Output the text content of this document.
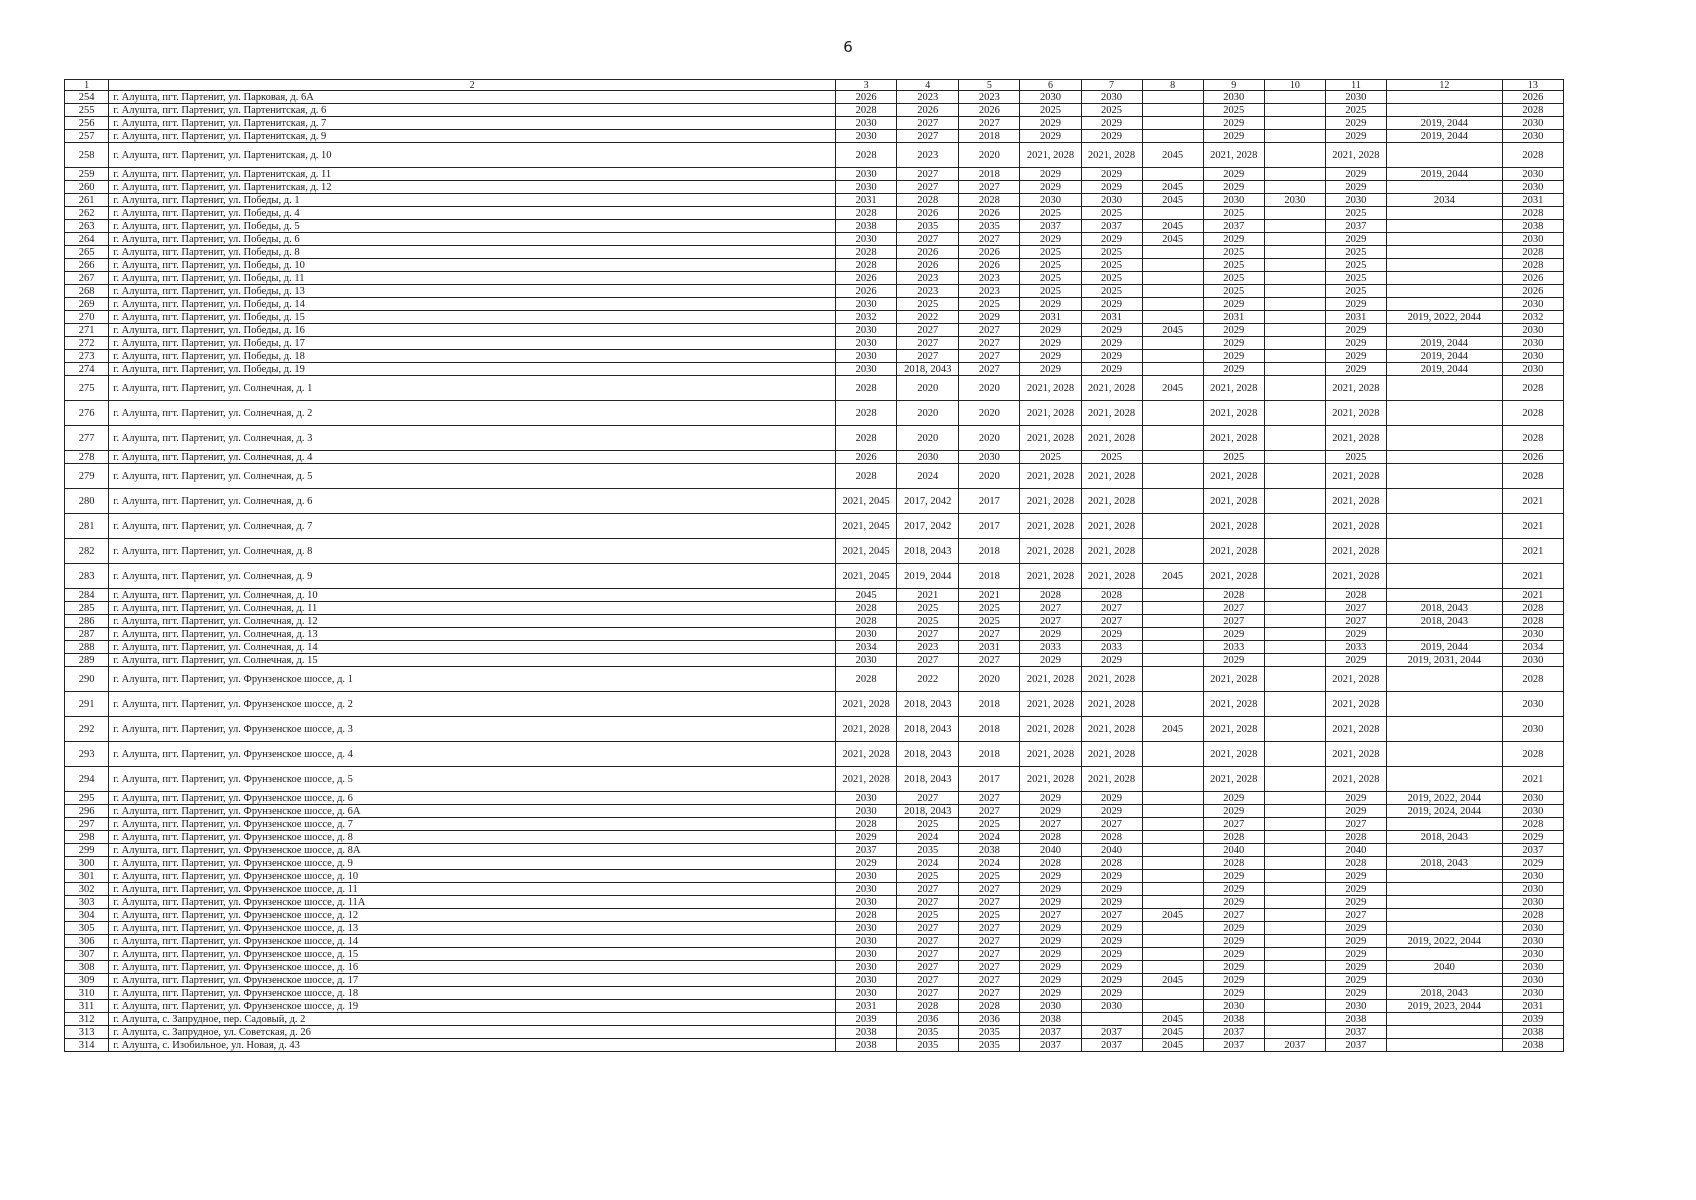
6
1	2	3	4	5	6	7	8	9	10	11	12	13
254	г. Алушта, пгт. Партенит, ул. Парковая, д. 6А	2026	2023	2023	2030	2030		2030		2030		2026
255	г. Алушта, пгт. Партенит, ул. Партенитская, д. 6	2028	2026	2026	2025	2025		2025		2025		2028
256	г. Алушта, пгт. Партенит, ул. Партенитская, д. 7	2030	2027	2027	2029	2029		2029		2029	2019, 2044	2030
257	г. Алушта, пгт. Партенит, ул. Партенитская, д. 9	2030	2027	2018	2029	2029		2029		2029	2019, 2044	2030
258	г. Алушта, пгт. Партенит, ул. Партенитская, д. 10	2028	2023	2020	2021, 2028	2021, 2028	2045	2021, 2028		2021, 2028		2028
259	г. Алушта, пгт. Партенит, ул. Партенитская, д. 11	2030	2027	2018	2029	2029		2029		2029	2019, 2044	2030
260	г. Алушта, пгт. Партенит, ул. Партенитская, д. 12	2030	2027	2027	2029	2029	2045	2029		2029		2030
261	г. Алушта, пгт. Партенит, ул. Победы, д. 1	2031	2028	2028	2030	2030	2045	2030	2030	2030	2034	2031
262	г. Алушта, пгт. Партенит, ул. Победы, д. 4	2028	2026	2026	2025	2025		2025		2025		2028
263	г. Алушта, пгт. Партенит, ул. Победы, д. 5	2038	2035	2035	2037	2037	2045	2037		2037		2038
264	г. Алушта, пгт. Партенит, ул. Победы, д. 6	2030	2027	2027	2029	2029	2045	2029		2029		2030
265	г. Алушта, пгт. Партенит, ул. Победы, д. 8	2028	2026	2026	2025	2025		2025		2025		2028
266	г. Алушта, пгт. Партенит, ул. Победы, д. 10	2028	2026	2026	2025	2025		2025		2025		2028
267	г. Алушта, пгт. Партенит, ул. Победы, д. 11	2026	2023	2023	2025	2025		2025		2025		2026
268	г. Алушта, пгт. Партенит, ул. Победы, д. 13	2026	2023	2023	2025	2025		2025		2025		2026
269	г. Алушта, пгт. Партенит, ул. Победы, д. 14	2030	2025	2025	2029	2029		2029		2029		2030
270	г. Алушта, пгт. Партенит, ул. Победы, д. 15	2032	2022	2029	2031	2031		2031		2031	2019, 2022, 2044	2032
271	г. Алушта, пгт. Партенит, ул. Победы, д. 16	2030	2027	2027	2029	2029	2045	2029		2029		2030
272	г. Алушта, пгт. Партенит, ул. Победы, д. 17	2030	2027	2027	2029	2029		2029		2029	2019, 2044	2030
273	г. Алушта, пгт. Партенит, ул. Победы, д. 18	2030	2027	2027	2029	2029		2029		2029	2019, 2044	2030
274	г. Алушта, пгт. Партенит, ул. Победы, д. 19	2030	2018, 2043	2027	2029	2029		2029		2029	2019, 2044	2030
275	г. Алушта, пгт. Партенит, ул. Солнечная, д. 1	2028	2020	2020	2021, 2028	2021, 2028	2045	2021, 2028		2021, 2028		2028
276	г. Алушта, пгт. Партенит, ул. Солнечная, д. 2	2028	2020	2020	2021, 2028	2021, 2028		2021, 2028		2021, 2028		2028
277	г. Алушта, пгт. Партенит, ул. Солнечная, д. 3	2028	2020	2020	2021, 2028	2021, 2028		2021, 2028		2021, 2028		2028
278	г. Алушта, пгт. Партенит, ул. Солнечная, д. 4	2026	2030	2030	2025	2025		2025		2025		2026
279	г. Алушта, пгт. Партенит, ул. Солнечная, д. 5	2028	2024	2020	2021, 2028	2021, 2028		2021, 2028		2021, 2028		2028
280	г. Алушта, пгт. Партенит, ул. Солнечная, д. 6	2021, 2045	2017, 2042	2017	2021, 2028	2021, 2028		2021, 2028		2021, 2028		2021
281	г. Алушта, пгт. Партенит, ул. Солнечная, д. 7	2021, 2045	2017, 2042	2017	2021, 2028	2021, 2028		2021, 2028		2021, 2028		2021
282	г. Алушта, пгт. Партенит, ул. Солнечная, д. 8	2021, 2045	2018, 2043	2018	2021, 2028	2021, 2028		2021, 2028		2021, 2028		2021
283	г. Алушта, пгт. Партенит, ул. Солнечная, д. 9	2021, 2045	2019, 2044	2018	2021, 2028	2021, 2028	2045	2021, 2028		2021, 2028		2021
284	г. Алушта, пгт. Партенит, ул. Солнечная, д. 10	2045	2021	2021	2028	2028		2028		2028		2021
285	г. Алушта, пгт. Партенит, ул. Солнечная, д. 11	2028	2025	2025	2027	2027		2027		2027	2018, 2043	2028
286	г. Алушта, пгт. Партенит, ул. Солнечная, д. 12	2028	2025	2025	2027	2027		2027		2027	2018, 2043	2028
287	г. Алушта, пгт. Партенит, ул. Солнечная, д. 13	2030	2027	2027	2029	2029		2029		2029		2030
288	г. Алушта, пгт. Партенит, ул. Солнечная, д. 14	2034	2023	2031	2033	2033		2033		2033	2019, 2044	2034
289	г. Алушта, пгт. Партенит, ул. Солнечная, д. 15	2030	2027	2027	2029	2029		2029		2029	2019, 2031, 2044	2030
290	г. Алушта, пгт. Партенит, ул. Фрунзенское шоссе, д. 1	2028	2022	2020	2021, 2028	2021, 2028		2021, 2028		2021, 2028		2028
291	г. Алушта, пгт. Партенит, ул. Фрунзенское шоссе, д. 2	2021, 2028	2018, 2043	2018	2021, 2028	2021, 2028		2021, 2028		2021, 2028		2030
292	г. Алушта, пгт. Партенит, ул. Фрунзенское шоссе, д. 3	2021, 2028	2018, 2043	2018	2021, 2028	2021, 2028	2045	2021, 2028		2021, 2028		2030
293	г. Алушта, пгт. Партенит, ул. Фрунзенское шоссе, д. 4	2021, 2028	2018, 2043	2018	2021, 2028	2021, 2028		2021, 2028		2021, 2028		2028
294	г. Алушта, пгт. Партенит, ул. Фрунзенское шоссе, д. 5	2021, 2028	2018, 2043	2017	2021, 2028	2021, 2028		2021, 2028		2021, 2028		2021
295	г. Алушта, пгт. Партенит, ул. Фрунзенское шоссе, д. 6	2030	2027	2027	2029	2029		2029		2029	2019, 2022, 2044	2030
296	г. Алушта, пгт. Партенит, ул. Фрунзенское шоссе, д. 6А	2030	2018, 2043	2027	2029	2029		2029		2029	2019, 2024, 2044	2030
297	г. Алушта, пгт. Партенит, ул. Фрунзенское шоссе, д. 7	2028	2025	2025	2027	2027		2027		2027		2028
298	г. Алушта, пгт. Партенит, ул. Фрунзенское шоссе, д. 8	2029	2024	2024	2028	2028		2028		2028	2018, 2043	2029
299	г. Алушта, пгт. Партенит, ул. Фрунзенское шоссе, д. 8А	2037	2035	2038	2040	2040		2040		2040		2037
300	г. Алушта, пгт. Партенит, ул. Фрунзенское шоссе, д. 9	2029	2024	2024	2028	2028		2028		2028	2018, 2043	2029
301	г. Алушта, пгт. Партенит, ул. Фрунзенское шоссе, д. 10	2030	2025	2025	2029	2029		2029		2029		2030
302	г. Алушта, пгт. Партенит, ул. Фрунзенское шоссе, д. 11	2030	2027	2027	2029	2029		2029		2029		2030
303	г. Алушта, пгт. Партенит, ул. Фрунзенское шоссе, д. 11А	2030	2027	2027	2029	2029		2029		2029		2030
304	г. Алушта, пгт. Партенит, ул. Фрунзенское шоссе, д. 12	2028	2025	2025	2027	2027	2045	2027		2027		2028
305	г. Алушта, пгт. Партенит, ул. Фрунзенское шоссе, д. 13	2030	2027	2027	2029	2029		2029		2029		2030
306	г. Алушта, пгт. Партенит, ул. Фрунзенское шоссе, д. 14	2030	2027	2027	2029	2029		2029		2029	2019, 2022, 2044	2030
307	г. Алушта, пгт. Партенит, ул. Фрунзенское шоссе, д. 15	2030	2027	2027	2029	2029		2029		2029		2030
308	г. Алушта, пгт. Партенит, ул. Фрунзенское шоссе, д. 16	2030	2027	2027	2029	2029		2029		2029	2040	2030
309	г. Алушта, пгт. Партенит, ул. Фрунзенское шоссе, д. 17	2030	2027	2027	2029	2029	2045	2029		2029		2030
310	г. Алушта, пгт. Партенит, ул. Фрунзенское шоссе, д. 18	2030	2027	2027	2029	2029		2029		2029	2018, 2043	2030
311	г. Алушта, пгт. Партенит, ул. Фрунзенское шоссе, д. 19	2031	2028	2028	2030	2030		2030		2030	2019, 2023, 2044	2031
312	г. Алушта, с. Запрудное, пер. Садовый, д. 2	2039	2036	2036	2038		2045	2038		2038		2039
313	г. Алушта, с. Запрудное, ул. Советская, д. 26	2038	2035	2035	2037	2037	2045	2037		2037		2038
314	г. Алушта, с. Изобильное, ул. Новая, д. 43	2038	2035	2035	2037	2037	2045	2037	2037	2037		2038
